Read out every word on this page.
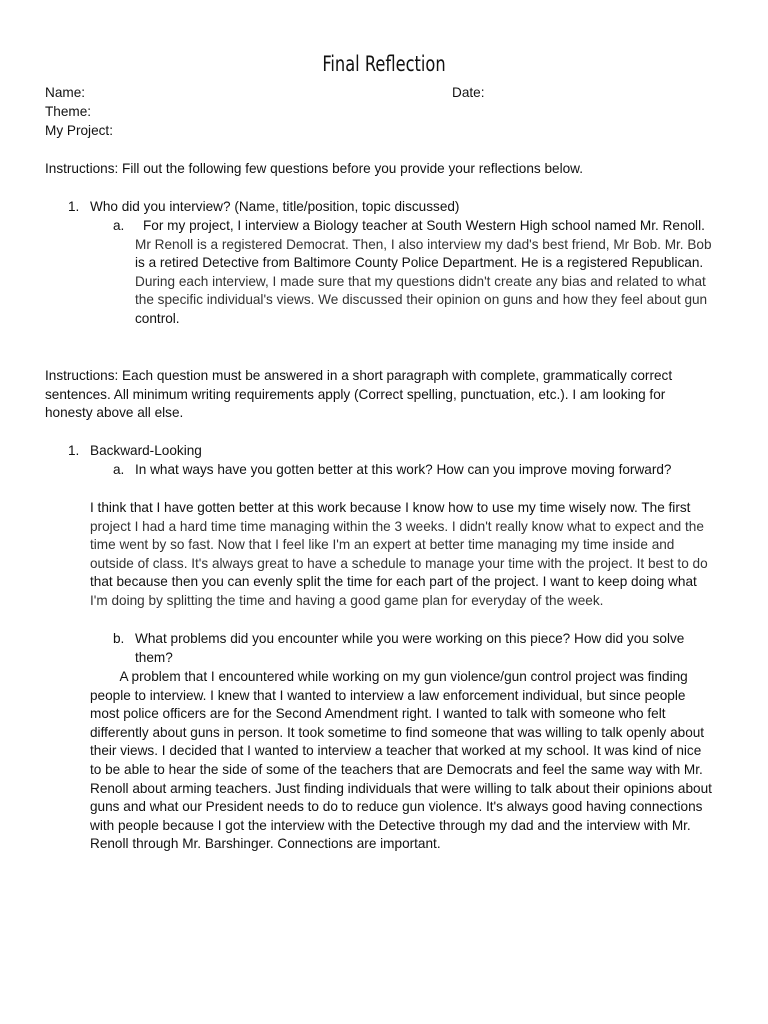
Final Reflection
Name:	Date:
Theme:
My Project:
Instructions: Fill out the following few questions before you provide your reflections below.
1. Who did you interview? (Name, title/position, topic discussed)
a.	For my project, I interview a Biology teacher at South Western High school named Mr. Renoll.
Mr Renoll is a registered Democrat. Then, I also interview my dad's best friend, Mr Bob. Mr. Bob
is a retired Detective from Baltimore County Police Department. He is a registered Republican.
During each interview, I made sure that my questions didn't create any bias and related to what
the specific individual's views. We discussed their opinion on guns and how they feel about gun
control.
Instructions: Each question must be answered in a short paragraph with complete, grammatically correct
sentences. All minimum writing requirements apply (Correct spelling, punctuation, etc.). I am looking for
honesty above all else.
1. Backward-Looking
a. In what ways have you gotten better at this work? How can you improve moving forward?
I think that I have gotten better at this work because I know how to use my time wisely now. The first
project I had a hard time time managing within the 3 weeks. I didn't really know what to expect and the
time went by so fast. Now that I feel like I'm an expert at better time managing my time inside and
outside of class. It's always great to have a schedule to manage your time with the project. It best to do
that because then you can evenly split the time for each part of the project. I want to keep doing what
I'm doing by splitting the time and having a good game plan for everyday of the week.
b. What problems did you encounter while you were working on this piece? How did you solve
them?
A problem that I encountered while working on my gun violence/gun control project was finding
people to interview. I knew that I wanted to interview a law enforcement individual, but since people
most police officers are for the Second Amendment right. I wanted to talk with someone who felt
differently about guns in person. It took sometime to find someone that was willing to talk openly about
their views. I decided that I wanted to interview a teacher that worked at my school. It was kind of nice
to be able to hear the side of some of the teachers that are Democrats and feel the same way with Mr.
Renoll about arming teachers. Just finding individuals that were willing to talk about their opinions about
guns and what our President needs to do to reduce gun violence. It's always good having connections
with people because I got the interview with the Detective through my dad and the interview with Mr.
Renoll through Mr. Barshinger. Connections are important.
